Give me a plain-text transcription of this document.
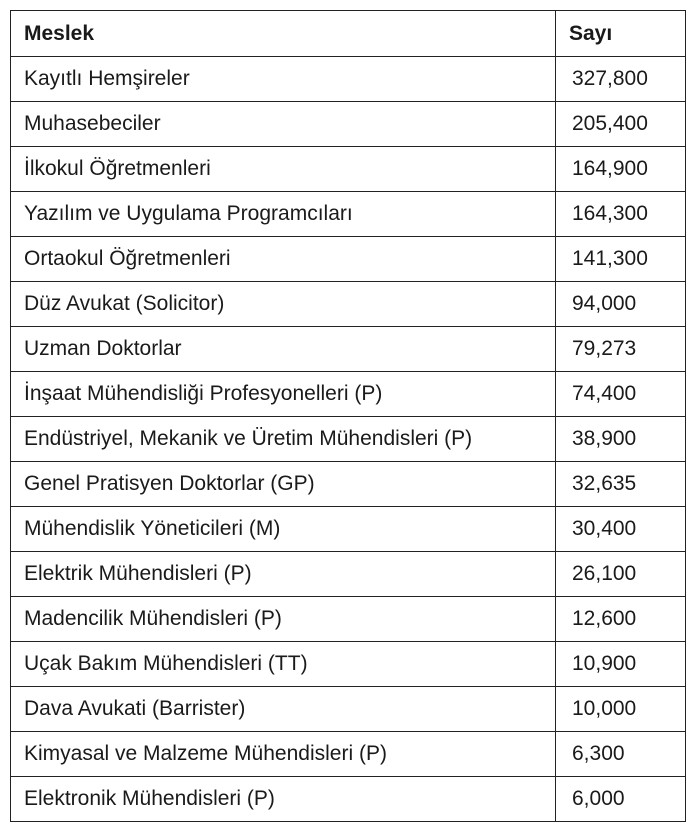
Meslek	Sayı
Kayıtlı Hemşireler	327,800
Muhasebeciler	205,400
İlkokul Öğretmenleri	164,900
Yazılım ve Uygulama Programcıları	164,300
Ortaokul Öğretmenleri	141,300
Düz Avukat (Solicitor)	94,000
Uzman Doktorlar	79,273
İnşaat Mühendisliği Profesyonelleri (P)	74,400
Endüstriyel, Mekanik ve Üretim Mühendisleri (P)	38,900
Genel Pratisyen Doktorlar (GP)	32,635
Mühendislik Yöneticileri (M)	30,400
Elektrik Mühendisleri (P)	26,100
Madencilik Mühendisleri (P)	12,600
Uçak Bakım Mühendisleri (TT)	10,900
Dava Avukati (Barrister)	10,000
Kimyasal ve Malzeme Mühendisleri (P)	6,300
Elektronik Mühendisleri (P)	6,000
